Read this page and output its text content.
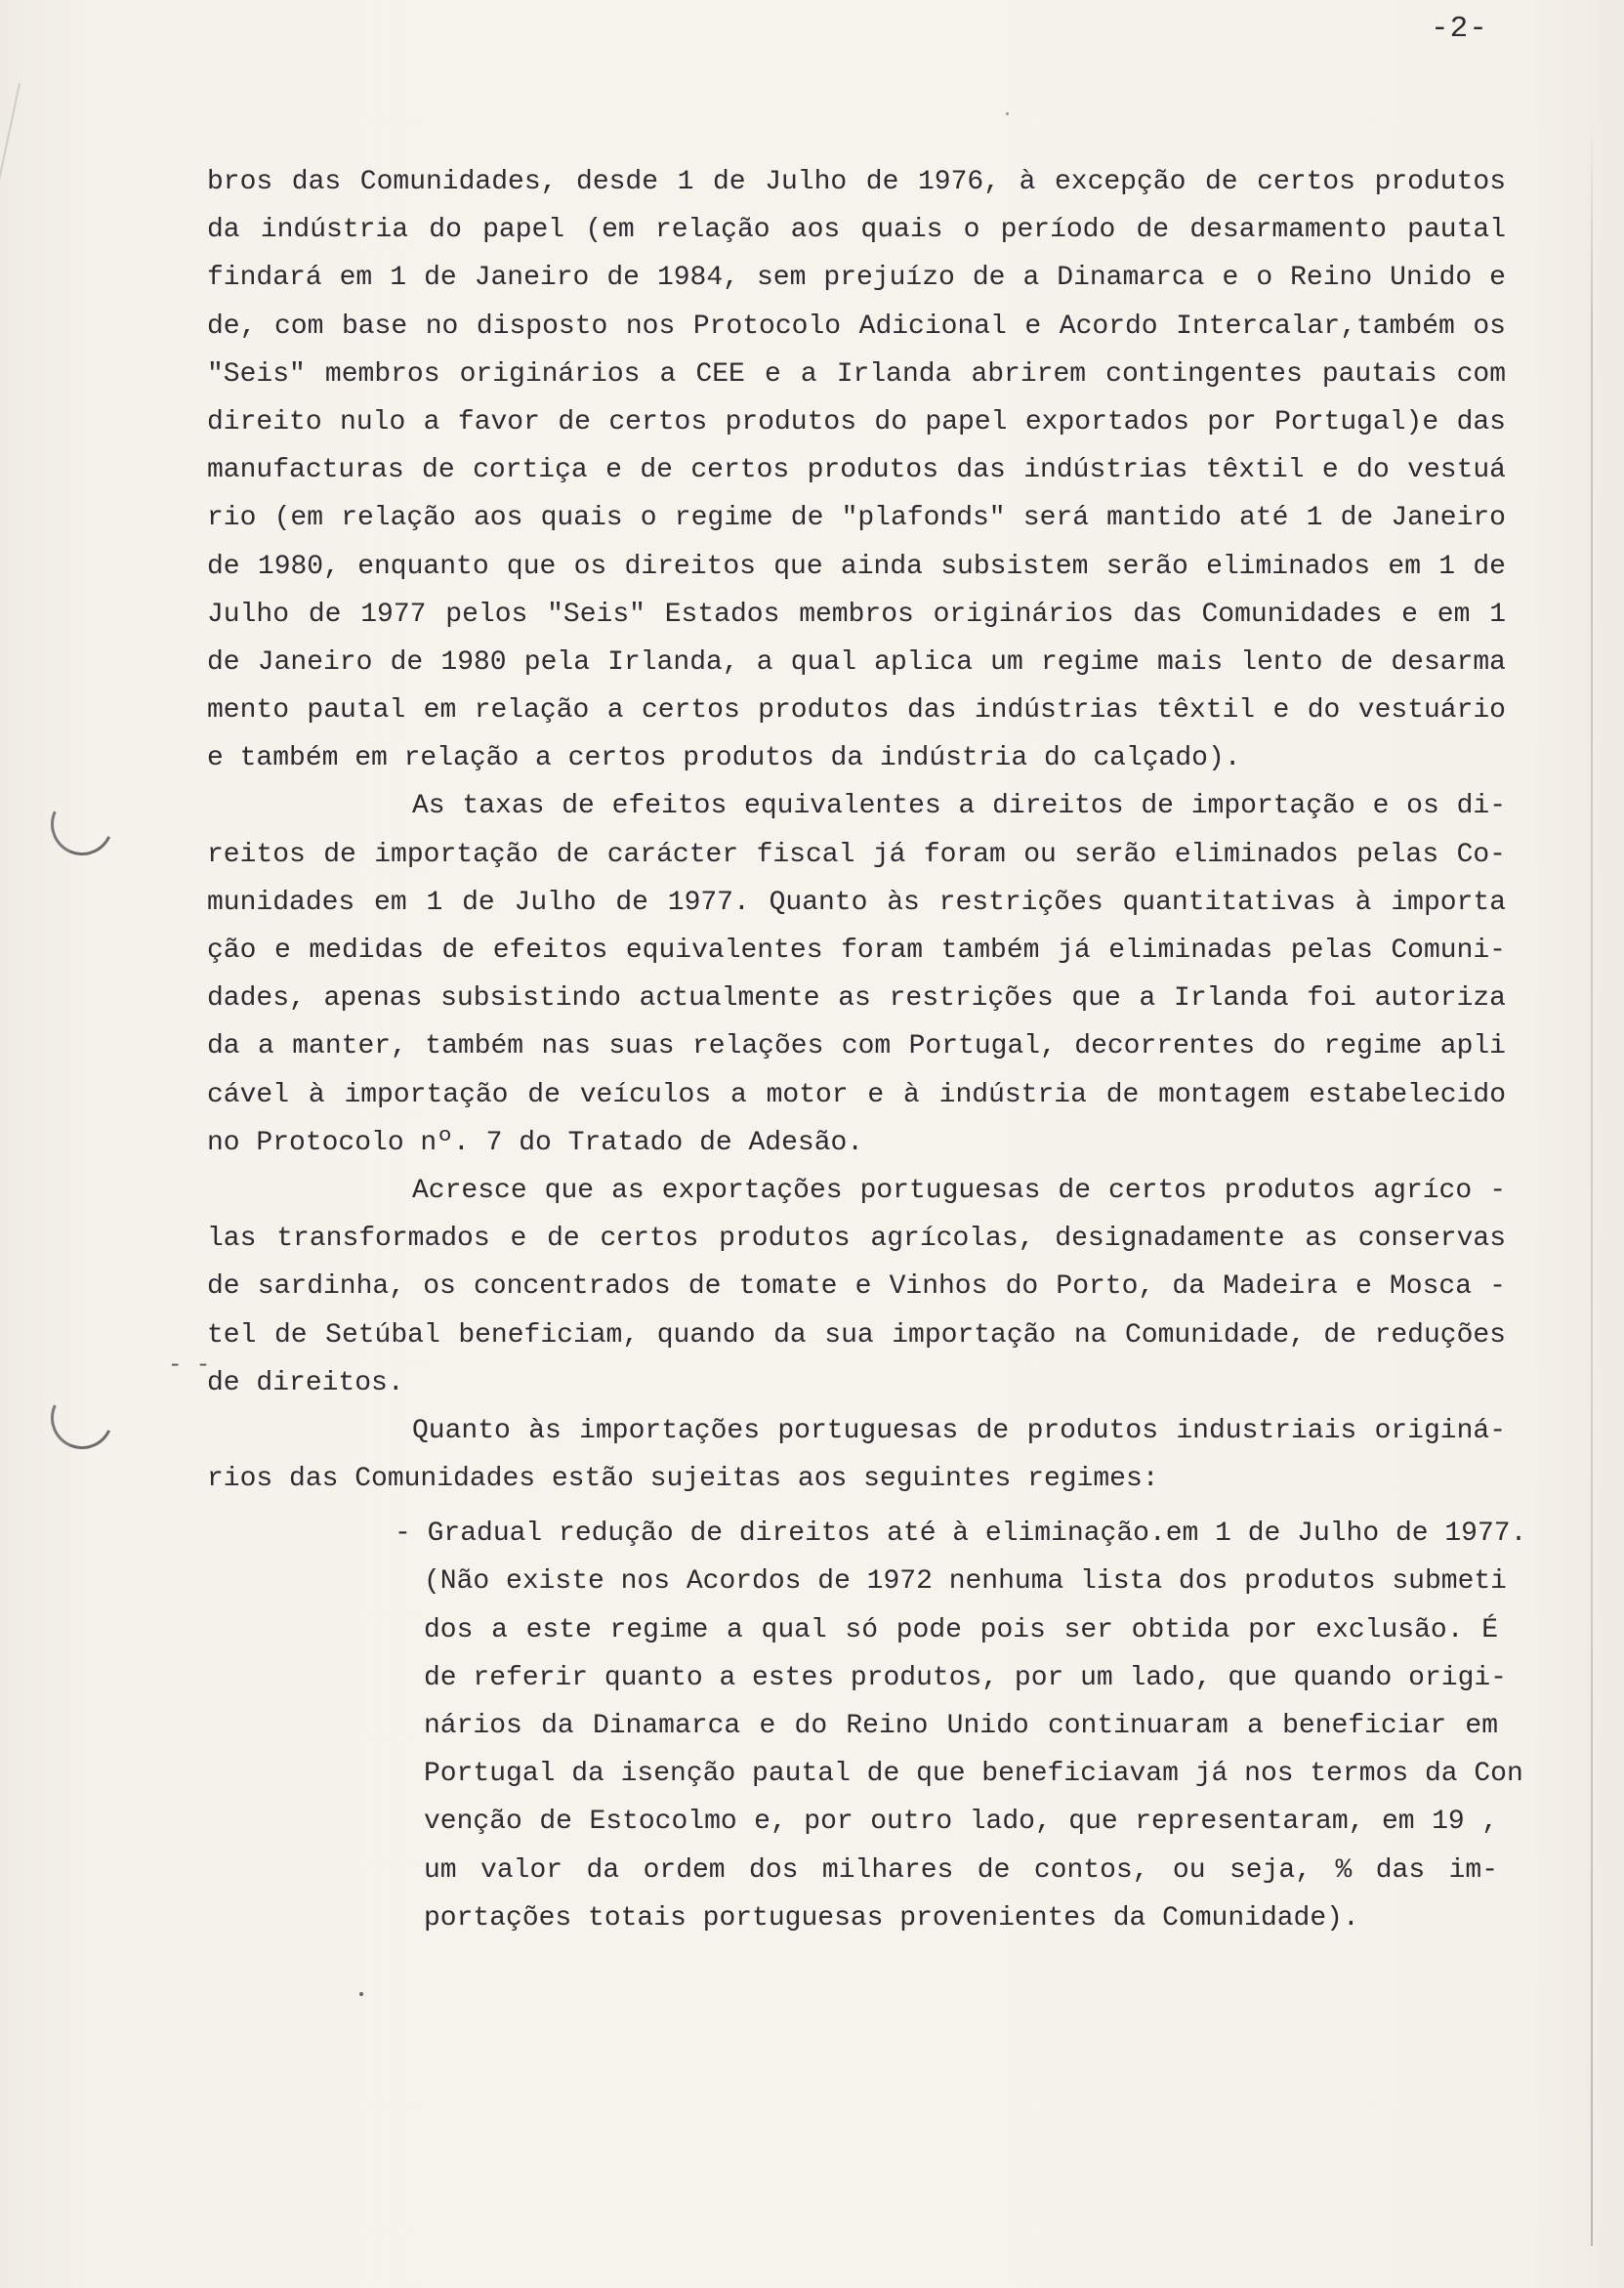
-2-
- -
bros das Comunidades, desde 1 de Julho de 1976, à excepção de certos produtos
da indústria do papel (em relação aos quais o período de desarmamento pautal
findará em 1 de Janeiro de 1984, sem prejuízo de a Dinamarca e o Reino Unido e
de, com base no disposto nos Protocolo Adicional e Acordo Intercalar,também os
"Seis" membros originários a CEE e a Irlanda abrirem contingentes pautais com
direito nulo a favor de certos produtos do papel exportados por Portugal)e das
manufacturas de cortiça e de certos produtos das indústrias têxtil e do vestuá
rio (em relação aos quais o regime de "plafonds" será mantido até 1 de Janeiro
de 1980, enquanto que os direitos que ainda subsistem serão eliminados em 1 de
Julho de 1977 pelos "Seis" Estados membros originários das Comunidades e em 1
de Janeiro de 1980 pela Irlanda, a qual aplica um regime mais lento de desarma
mento pautal em relação a certos produtos das indústrias têxtil e do vestuário
e também em relação a certos produtos da indústria do calçado).
As taxas de efeitos equivalentes a direitos de importação e os di-
reitos de importação de carácter fiscal já foram ou serão eliminados pelas Co-
munidades em 1 de Julho de 1977. Quanto às restrições quantitativas à importa
ção e medidas de efeitos equivalentes foram também já eliminadas pelas Comuni-
dades, apenas subsistindo actualmente as restrições que a Irlanda foi autoriza
da a manter, também nas suas relações com Portugal, decorrentes do regime apli
cável à importação de veículos a motor e à indústria de montagem estabelecido
no Protocolo nº. 7 do Tratado de Adesão.
Acresce que as exportações portuguesas de certos produtos agríco -
las transformados e de certos produtos agrícolas, designadamente as conservas
de sardinha, os concentrados de tomate e Vinhos do Porto, da Madeira e Mosca -
tel de Setúbal beneficiam, quando da sua importação na Comunidade, de reduções
de direitos.
Quanto às importações portuguesas de produtos industriais originá-
rios das Comunidades estão sujeitas aos seguintes regimes:
- Gradual redução de direitos até à eliminação.em 1 de Julho de 1977.
(Não existe nos Acordos de 1972 nenhuma lista dos produtos submeti
dos a este regime a qual só pode pois ser obtida por exclusão. É
de referir quanto a estes produtos, por um lado, que quando origi-
nários da Dinamarca e do Reino Unido continuaram a beneficiar em
Portugal da isenção pautal de que beneficiavam já nos termos da Con
venção de Estocolmo e, por outro lado, que representaram, em 19 ,
um valor da ordem dos milhares de contos, ou seja, % das im-
portações totais portuguesas provenientes da Comunidade).
